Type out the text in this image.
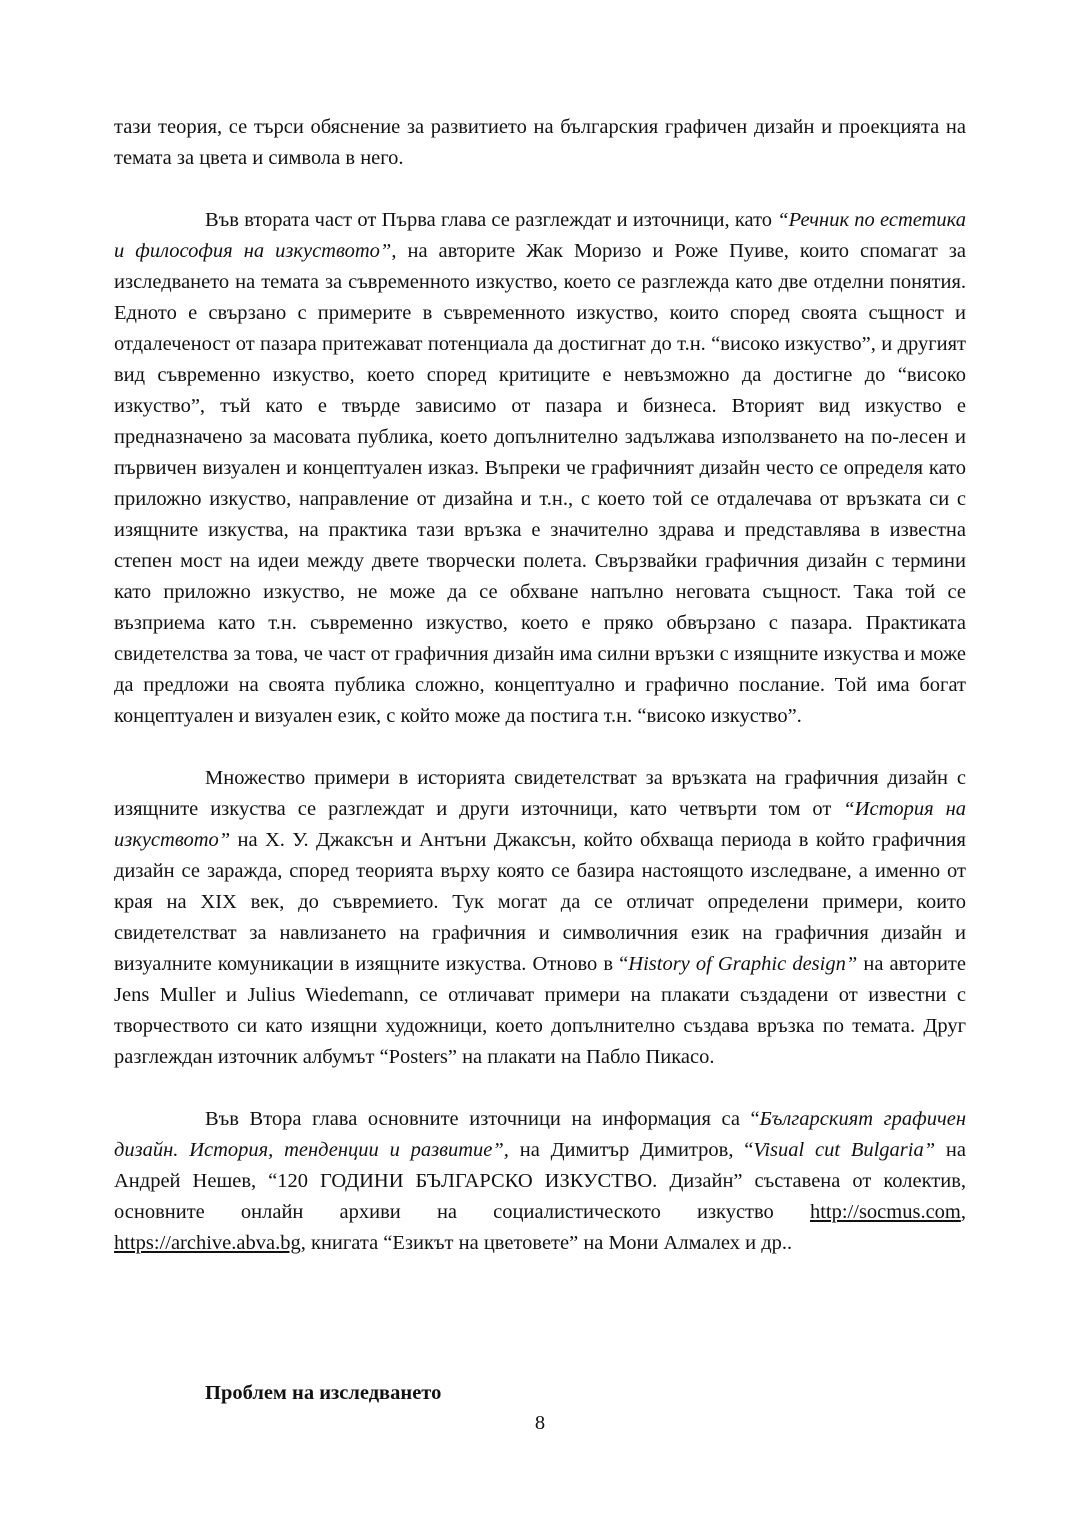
тази теория, се търси обяснение за развитието на българския графичен дизайн и проекцията на темата за цвета и символа в него.

Във втората част от Първа глава се разглеждат и източници, като “Речник по естетика и философия на изкуството”, на авторите Жак Моризо и Роже Пуиве, които спомагат за изследването на темата за съвременното изкуство, което се разглежда като две отделни понятия. Едното е свързано с примерите в съвременното изкуство, които според своята същност и отдалеченост от пазара притежават потенциала да достигнат до т.н. “високо изкуство”, и другият вид съвременно изкуство, което според критиците е невъзможно да достигне до “високо изкуство”, тъй като е твърде зависимо от пазара и бизнеса. Вторият вид изкуство е предназначено за масовата публика, което допълнително задължава използването на по-лесен и първичен визуален и концептуален изказ. Въпреки че графичният дизайн често се определя като приложно изкуство, направление от дизайна и т.н., с което той се отдалечава от връзката си с изящните изкуства, на практика тази връзка е значително здрава и представлява в известна степен мост на идеи между двете творчески полета. Свързвайки графичния дизайн с термини като приложно изкуство, не може да се обхване напълно неговата същност. Така той се възприема като т.н. съвременно изкуство, което е пряко обвързано с пазара. Практиката свидетелства за това, че част от графичния дизайн има силни връзки с изящните изкуства и може да предложи на своята публика сложно, концептуално и графично послание. Той има богат концептуален и визуален език, с който може да постига т.н. “високо изкуство”.

Множество примери в историята свидетелстват за връзката на графичния дизайн с изящните изкуства се разглеждат и други източници, като четвърти том от “История на изкуството” на Х. У. Джаксън и Антъни Джаксън, който обхваща периода в който графичния дизайн се заражда, според теорията върху която се базира настоящото изследване, а именно от края на XIX век, до съвремието. Тук могат да се отличат определени примери, които свидетелстват за навлизането на графичния и символичния език на графичния дизайн и визуалните комуникации в изящните изкуства. Отново в “History of Graphic design” на авторите Jens Muller и Julius Wiedemann, се отличават примери на плакати създадени от известни с творчеството си като изящни художници, което допълнително създава връзка по темата. Друг разглеждан източник албумът “Posters” на плакати на Пабло Пикасо.

Във Втора глава основните източници на информация са “Българският графичен дизайн. История, тенденции и развитие”, на Димитър Димитров, “Visual cut Bulgaria” на Андрей Нешев, “120 ГОДИНИ БЪЛГАРСКО ИЗКУСТВО. Дизайн” съставена от колектив, основните онлайн архиви на социалистическото изкуство http://socmus.com, https://archive.abva.bg, книгата “Езикът на цветовете” на Мони Алмалех и др..

Проблем на изследването

8
